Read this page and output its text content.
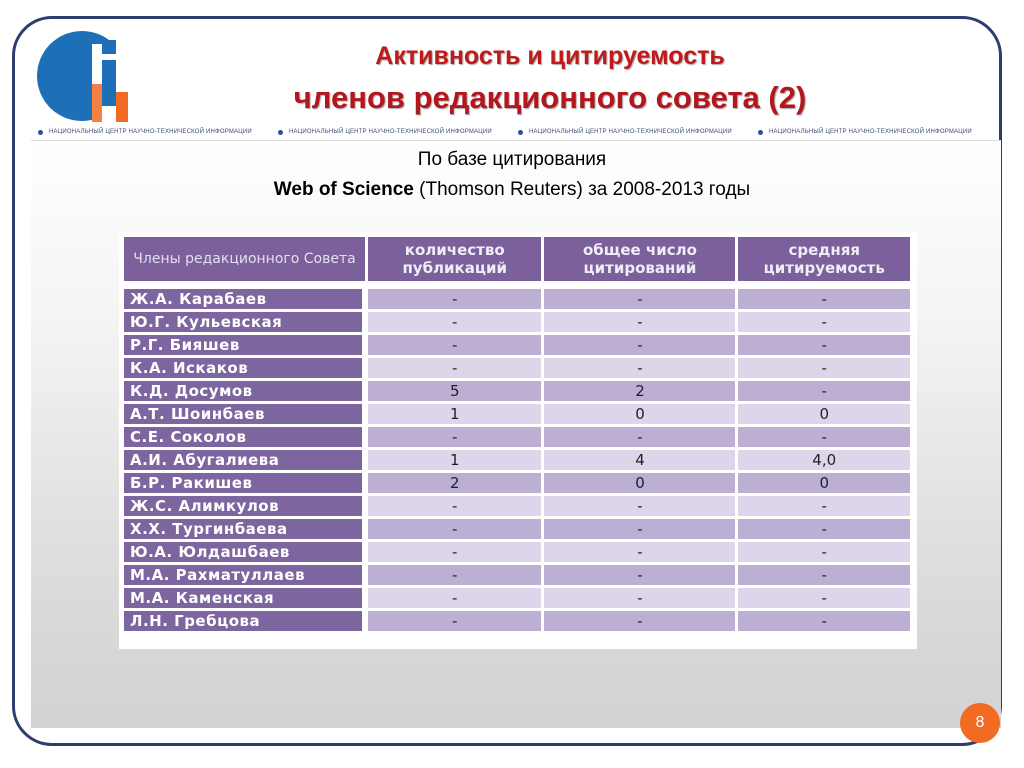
Активность и цитируемость
членов редакционного совета (2)
НАЦИОНАЛЬНЫЙ ЦЕНТР НАУЧНО-ТЕХНИЧЕСКОЙ ИНФОРМАЦИИ	НАЦИОНАЛЬНЫЙ ЦЕНТР НАУЧНО-ТЕХНИЧЕСКОЙ ИНФОРМАЦИИ	НАЦИОНАЛЬНЫЙ ЦЕНТР НАУЧНО-ТЕХНИЧЕСКОЙ ИНФОРМАЦИИ	НАЦИОНАЛЬНЫЙ ЦЕНТР НАУЧНО-ТЕХНИЧЕСКОЙ ИНФОРМАЦИИ

По базе цитирования

Web of Science (Thomson Reuters) за 2008-2013 годы

Члены редакционного Совета	количество публикаций	общее число цитирований	средняя цитируемость
Ж.А. Карабаев	-	-	-
Ю.Г. Кульевская	-	-	-
Р.Г. Бияшев	-	-	-
К.А. Искаков	-	-	-
К.Д. Досумов	5	2	-
А.Т. Шоинбаев	1	0	0
С.Е. Соколов	-	-	-
А.И. Абугалиева	1	4	4,0
Б.Р. Ракишев	2	0	0
Ж.С. Алимкулов	-	-	-
Х.Х. Тургинбаева	-	-	-
Ю.А. Юлдашбаев	-	-	-
М.А. Рахматуллаев	-	-	-
М.А. Каменская	-	-	-
Л.Н. Гребцова	-	-	-
8
